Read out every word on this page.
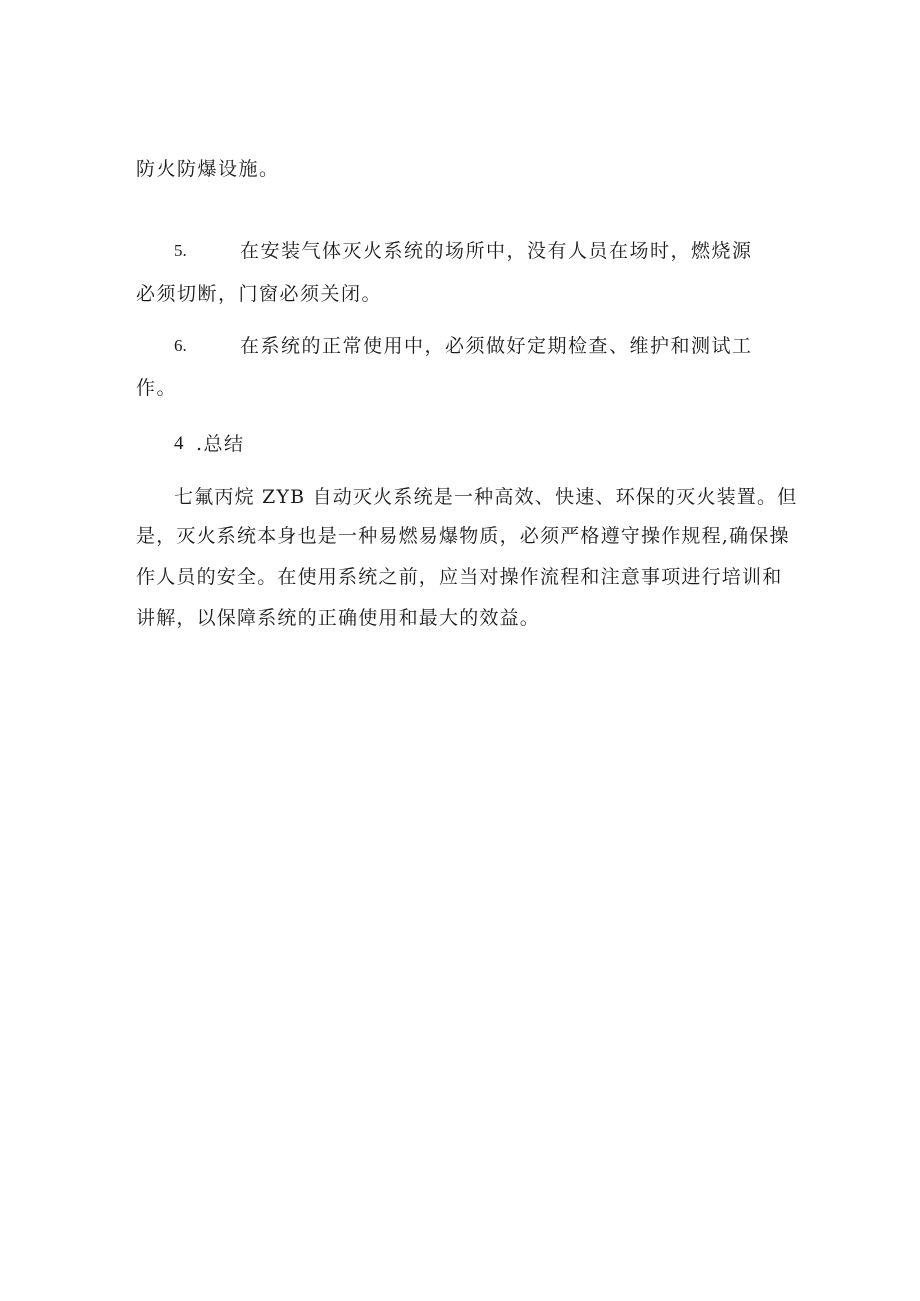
防火防爆设施。
5.	在安装气体灭火系统的场所中，没有人员在场时，燃烧源
必须切断，门窗必须关闭。
6.	在系统的正常使用中，必须做好定期检查、维护和测试工
作。
4 .总结
七氟丙烷 ZYB 自动灭火系统是一种高效、快速、环保的灭火装置。但
是，灭火系统本身也是一种易燃易爆物质，必须严格遵守操作规程,确保操
作人员的安全。在使用系统之前，应当对操作流程和注意事项进行培训和
讲解，以保障系统的正确使用和最大的效益。
